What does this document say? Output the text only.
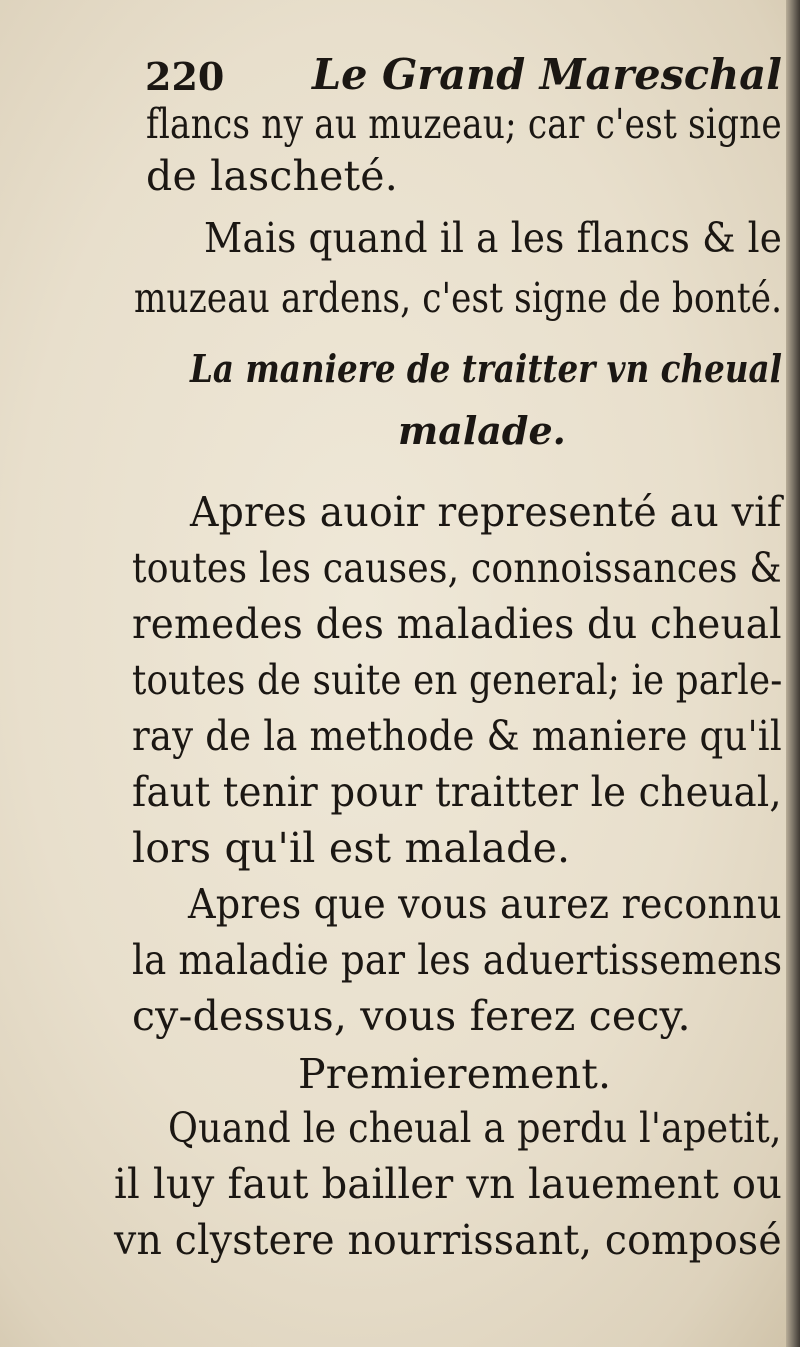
220 Le Grand Mareschal
flancs ny au muzeau; car c'est signe
de lascheté.
Mais quand il a les flancs & le
muzeau ardens, c'est signe de bonté.
La maniere de traitter vn cheual
malade.
Apres auoir representé au vif
toutes les causes, connoissances &
remedes des maladies du cheual
toutes de suite en general; ie parle-
ray de la methode & maniere qu'il
faut tenir pour traitter le cheual,
lors qu'il est malade.
Apres que vous aurez reconnu
la maladie par les aduertissemens
cy-dessus, vous ferez cecy.
Premierement.
Quand le cheual a perdu l'apetit,
il luy faut bailler vn lauement ou
vn clystere nourrissant, composé
